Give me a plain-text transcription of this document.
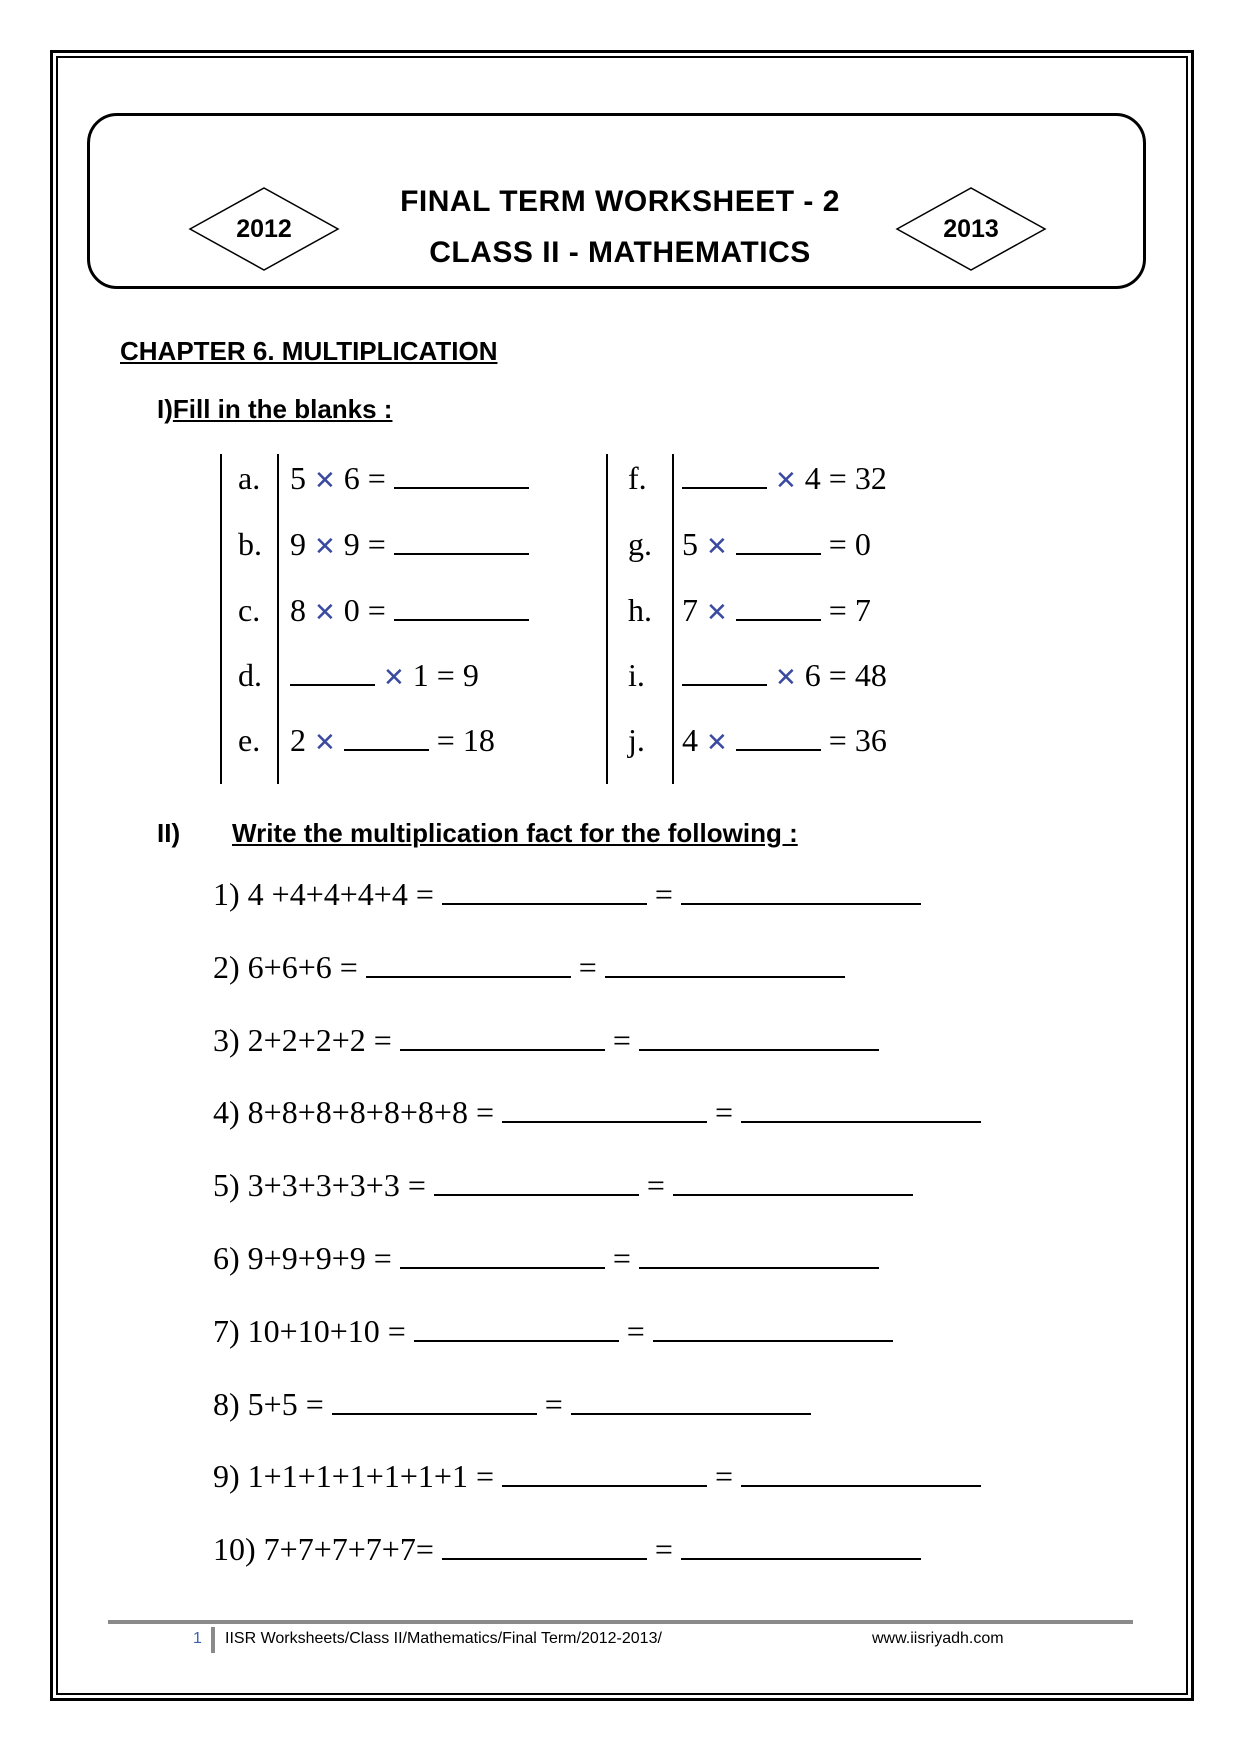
2012	2013
FINAL TERM WORKSHEET - 2
CLASS II - MATHEMATICS
CHAPTER 6. MULTIPLICATION
I)Fill in the blanks :
a. 5 ✕ 6 =
b. 9 ✕ 9 =
c. 8 ✕ 0 =
d.	✕ 1 = 9
e. 2 ✕	= 18
f.	✕ 4 = 32
g. 5 ✕	= 0
h. 7 ✕	= 7
i.	✕ 6 = 48
j. 4 ✕	= 36
II) Write the multiplication fact for the following :
1) 4 +4+4+4+4 =	=
2) 6+6+6 =	=
3) 2+2+2+2 =	=
4) 8+8+8+8+8+8+8 =	=
5) 3+3+3+3+3 =	=
6) 9+9+9+9 =	=
7) 10+10+10 =	=
8) 5+5 =	=
9) 1+1+1+1+1+1+1 =	=
10) 7+7+7+7+7=	=
1 IISR Worksheets/Class II/Mathematics/Final Term/2012-2013/	www.iisriyadh.com
